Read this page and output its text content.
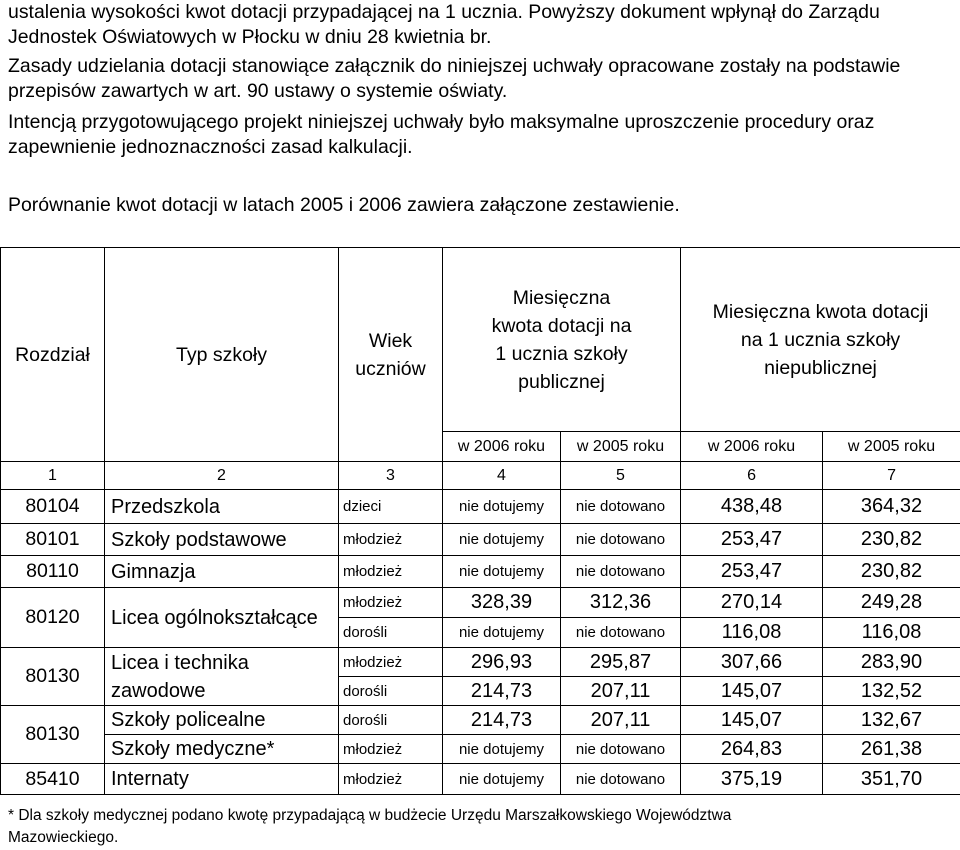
ustalenia wysokości kwot dotacji przypadającej na 1 ucznia. Powyższy dokument wpłynął do Zarządu
Jednostek Oświatowych w Płocku w dniu 28 kwietnia br.
Zasady udzielania dotacji stanowiące załącznik do niniejszej uchwały opracowane zostały na podstawie
przepisów zawartych w art. 90 ustawy o systemie oświaty.
Intencją przygotowującego projekt niniejszej uchwały było maksymalne uproszczenie procedury oraz
zapewnienie jednoznaczności zasad kalkulacji.
Porównanie kwot dotacji w latach 2005 i 2006 zawiera załączone zestawienie.
Rozdział	Typ szkoły	Wiek uczniów	Miesięczna kwota dotacji na 1 ucznia szkoły publicznej		Miesięczna kwota dotacji na 1 ucznia szkoły niepublicznej	
			w 2006 roku	w 2005 roku	w 2006 roku	w 2005 roku
1	2	3	4	5	6	7
80104	Przedszkola	dzieci	nie dotujemy	nie dotowano	438,48	364,32
80101	Szkoły podstawowe	młodzież	nie dotujemy	nie dotowano	253,47	230,82
80110	Gimnazja	młodzież	nie dotujemy	nie dotowano	253,47	230,82
80120	Licea ogólnokształcące	młodzież	328,39	312,36	270,14	249,28
		dorośli	nie dotujemy	nie dotowano	116,08	116,08
80130	Licea i technika zawodowe	młodzież	296,93	295,87	307,66	283,90
		dorośli	214,73	207,11	145,07	132,52
80130	Szkoły policealne	dorośli	214,73	207,11	145,07	132,67
	Szkoły medyczne*	młodzież	nie dotujemy	nie dotowano	264,83	261,38
85410	Internaty	młodzież	nie dotujemy	nie dotowano	375,19	351,70
* Dla szkoły medycznej podano kwotę przypadającą w budżecie Urzędu Marszałkowskiego Województwa
Mazowieckiego.
